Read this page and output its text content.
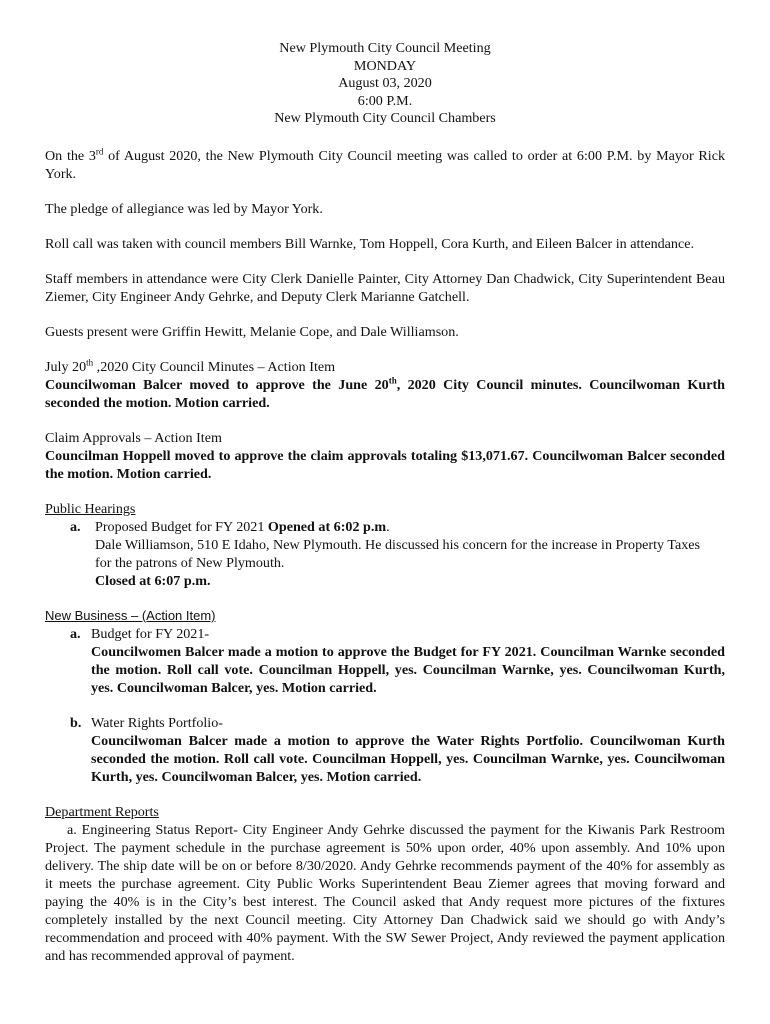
New Plymouth City Council Meeting
MONDAY
August 03, 2020
6:00 P.M.
New Plymouth City Council Chambers

On the 3rd of August 2020, the New Plymouth City Council meeting was called to order at 6:00 P.M. by Mayor Rick York.

The pledge of allegiance was led by Mayor York.

Roll call was taken with council members Bill Warnke, Tom Hoppell, Cora Kurth, and Eileen Balcer in attendance.

Staff members in attendance were City Clerk Danielle Painter, City Attorney Dan Chadwick, City Superintendent Beau Ziemer, City Engineer Andy Gehrke, and Deputy Clerk Marianne Gatchell.

Guests present were Griffin Hewitt, Melanie Cope, and Dale Williamson.

July 20th ,2020 City Council Minutes – Action Item

Councilwoman Balcer moved to approve the June 20th, 2020 City Council minutes. Councilwoman Kurth seconded the motion. Motion carried.

Claim Approvals – Action Item

Councilman Hoppell moved to approve the claim approvals totaling $13,071.67. Councilwoman Balcer seconded the motion. Motion carried.

Public Hearings

a. Proposed Budget for FY 2021 Opened at 6:02 p.m.

Dale Williamson, 510 E Idaho, New Plymouth. He discussed his concern for the increase in Property Taxes for the patrons of New Plymouth.

Closed at 6:07 p.m.

New Business – (Action Item)

a. Budget for FY 2021-

Councilwomen Balcer made a motion to approve the Budget for FY 2021. Councilman Warnke seconded the motion. Roll call vote. Councilman Hoppell, yes. Councilman Warnke, yes. Councilwoman Kurth, yes. Councilwoman Balcer, yes. Motion carried.

b. Water Rights Portfolio-

Councilwoman Balcer made a motion to approve the Water Rights Portfolio. Councilwoman Kurth seconded the motion. Roll call vote. Councilman Hoppell, yes. Councilman Warnke, yes. Councilwoman Kurth, yes. Councilwoman Balcer, yes. Motion carried.

Department Reports

a. Engineering Status Report- City Engineer Andy Gehrke discussed the payment for the Kiwanis Park Restroom Project. The payment schedule in the purchase agreement is 50% upon order, 40% upon assembly. And 10% upon delivery. The ship date will be on or before 8/30/2020. Andy Gehrke recommends payment of the 40% for assembly as it meets the purchase agreement. City Public Works Superintendent Beau Ziemer agrees that moving forward and paying the 40% is in the City’s best interest. The Council asked that Andy request more pictures of the fixtures completely installed by the next Council meeting. City Attorney Dan Chadwick said we should go with Andy’s recommendation and proceed with 40% payment. With the SW Sewer Project, Andy reviewed the payment application and has recommended approval of payment.
